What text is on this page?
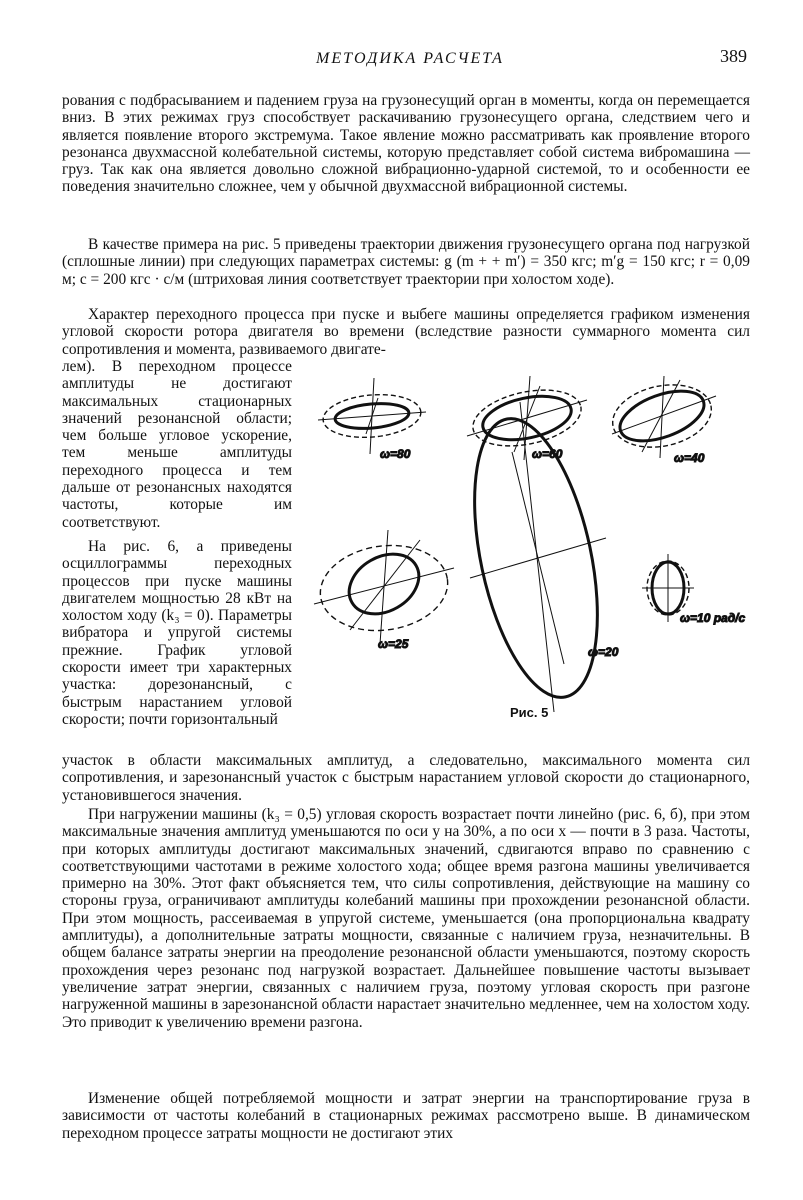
МЕТОДИКА РАСЧЕТА	389

рования с подбрасыванием и падением груза на грузонесущий орган в моменты, когда он перемещается вниз. В этих режимах груз способствует раскачиванию грузонесущего органа, следствием чего и является появление второго экстремума. Такое явление можно рассматривать как проявление второго резонанса двухмассной колебательной системы, которую представляет собой система вибромашина — груз. Так как она является довольно сложной вибрационно-ударной системой, то и особенности ее поведения значительно сложнее, чем у обычной двухмассной вибрационной системы.

В качестве примера на рис. 5 приведены траектории движения грузонесущего органа под нагрузкой (сплошные линии) при следующих параметрах системы: g (m + + m′) = 350 кгс; m′g = 150 кгс; r = 0,09 м; c = 200 кгс · с/м (штриховая линия соответствует траектории при холостом ходе).

Характер переходного процесса при пуске и выбеге машины определяется графиком изменения угловой скорости ротора двигателя во времени (вследствие разности суммарного момента сил сопротивления и момента, развиваемого двигате-

лем). В переходном процессе амплитуды не достигают максимальных стационарных значений резонансной области; чем больше угловое ускорение, тем меньше амплитуды переходного процесса и тем дальше от резонансных находятся частоты, которые им соответствуют.

На рис. 6, а приведены осциллограммы переходных процессов при пуске машины двигателем мощностью 28 кВт на холостом ходу (k₃ = 0). Параметры вибратора и упругой системы прежние. График угловой скорости имеет три характерных участка: дорезонансный, с быстрым нарастанием угловой скорости; почти горизонтальный

участок в области максимальных амплитуд, а следовательно, максимального момента сил сопротивления, и зарезонансный участок с быстрым нарастанием угловой скорости до стационарного, установившегося значения.

При нагружении машины (k₃ = 0,5) угловая скорость возрастает почти линейно (рис. 6, б), при этом максимальные значения амплитуд уменьшаются по оси y на 30%, а по оси x — почти в 3 раза. Частоты, при которых амплитуды достигают максимальных значений, сдвигаются вправо по сравнению с соответствующими частотами в режиме холостого хода; общее время разгона машины увеличивается примерно на 30%. Этот факт объясняется тем, что силы сопротивления, действующие на машину со стороны груза, ограничивают амплитуды колебаний машины при прохождении резонансной области. При этом мощность, рассеиваемая в упругой системе, уменьшается (она пропорциональна квадрату амплитуды), а дополнительные затраты мощности, связанные с наличием груза, незначительны. В общем балансе затраты энергии на преодоление резонансной области уменьшаются, поэтому скорость прохождения через резонанс под нагрузкой возрастает. Дальнейшее повышение частоты вызывает увеличение затрат энергии, связанных с наличием груза, поэтому угловая скорость при разгоне нагруженной машины в зарезонансной области нарастает значительно медленнее, чем на холостом ходу. Это приводит к увеличению времени разгона.

Изменение общей потребляемой мощности и затрат энергии на транспортирование груза в зависимости от частоты колебаний в стационарных режимах рассмотрено выше. В динамическом переходном процессе затраты мощности не достигают этих

ω=80	ω=60	ω=40
ω=25
ω=20
ω=10 рад/с
Рис. 5
